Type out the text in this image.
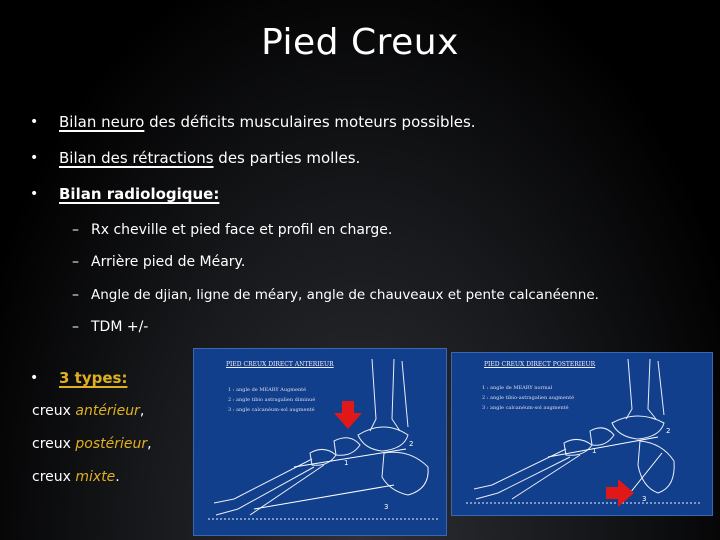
Pied Creux
• Bilan neuro des déficits musculaires moteurs possibles.
• Bilan des rétractions des parties molles.
• Bilan radiologique:
– Rx cheville et pied face et profil en charge.
– Arrière pied de Méary.
– Angle de djian, ligne de méary, angle de chauveaux et pente calcanéenne.
– TDM +/-
• 3 types:
creux antérieur,
creux postérieur,
creux mixte.
PIED CREUX DIRECT ANTERIEUR
1 : angle de MEARY Augmenté
2 : angle tibio astragalien diminué
3 : angle calcanéum-sol augmenté
1
2
3
PIED CREUX DIRECT POSTERIEUR
1 : angle de MEARY normal
2 : angle tibio-astragalien augmenté
3 : angle calcanéum-sol augmenté
1
2
3
